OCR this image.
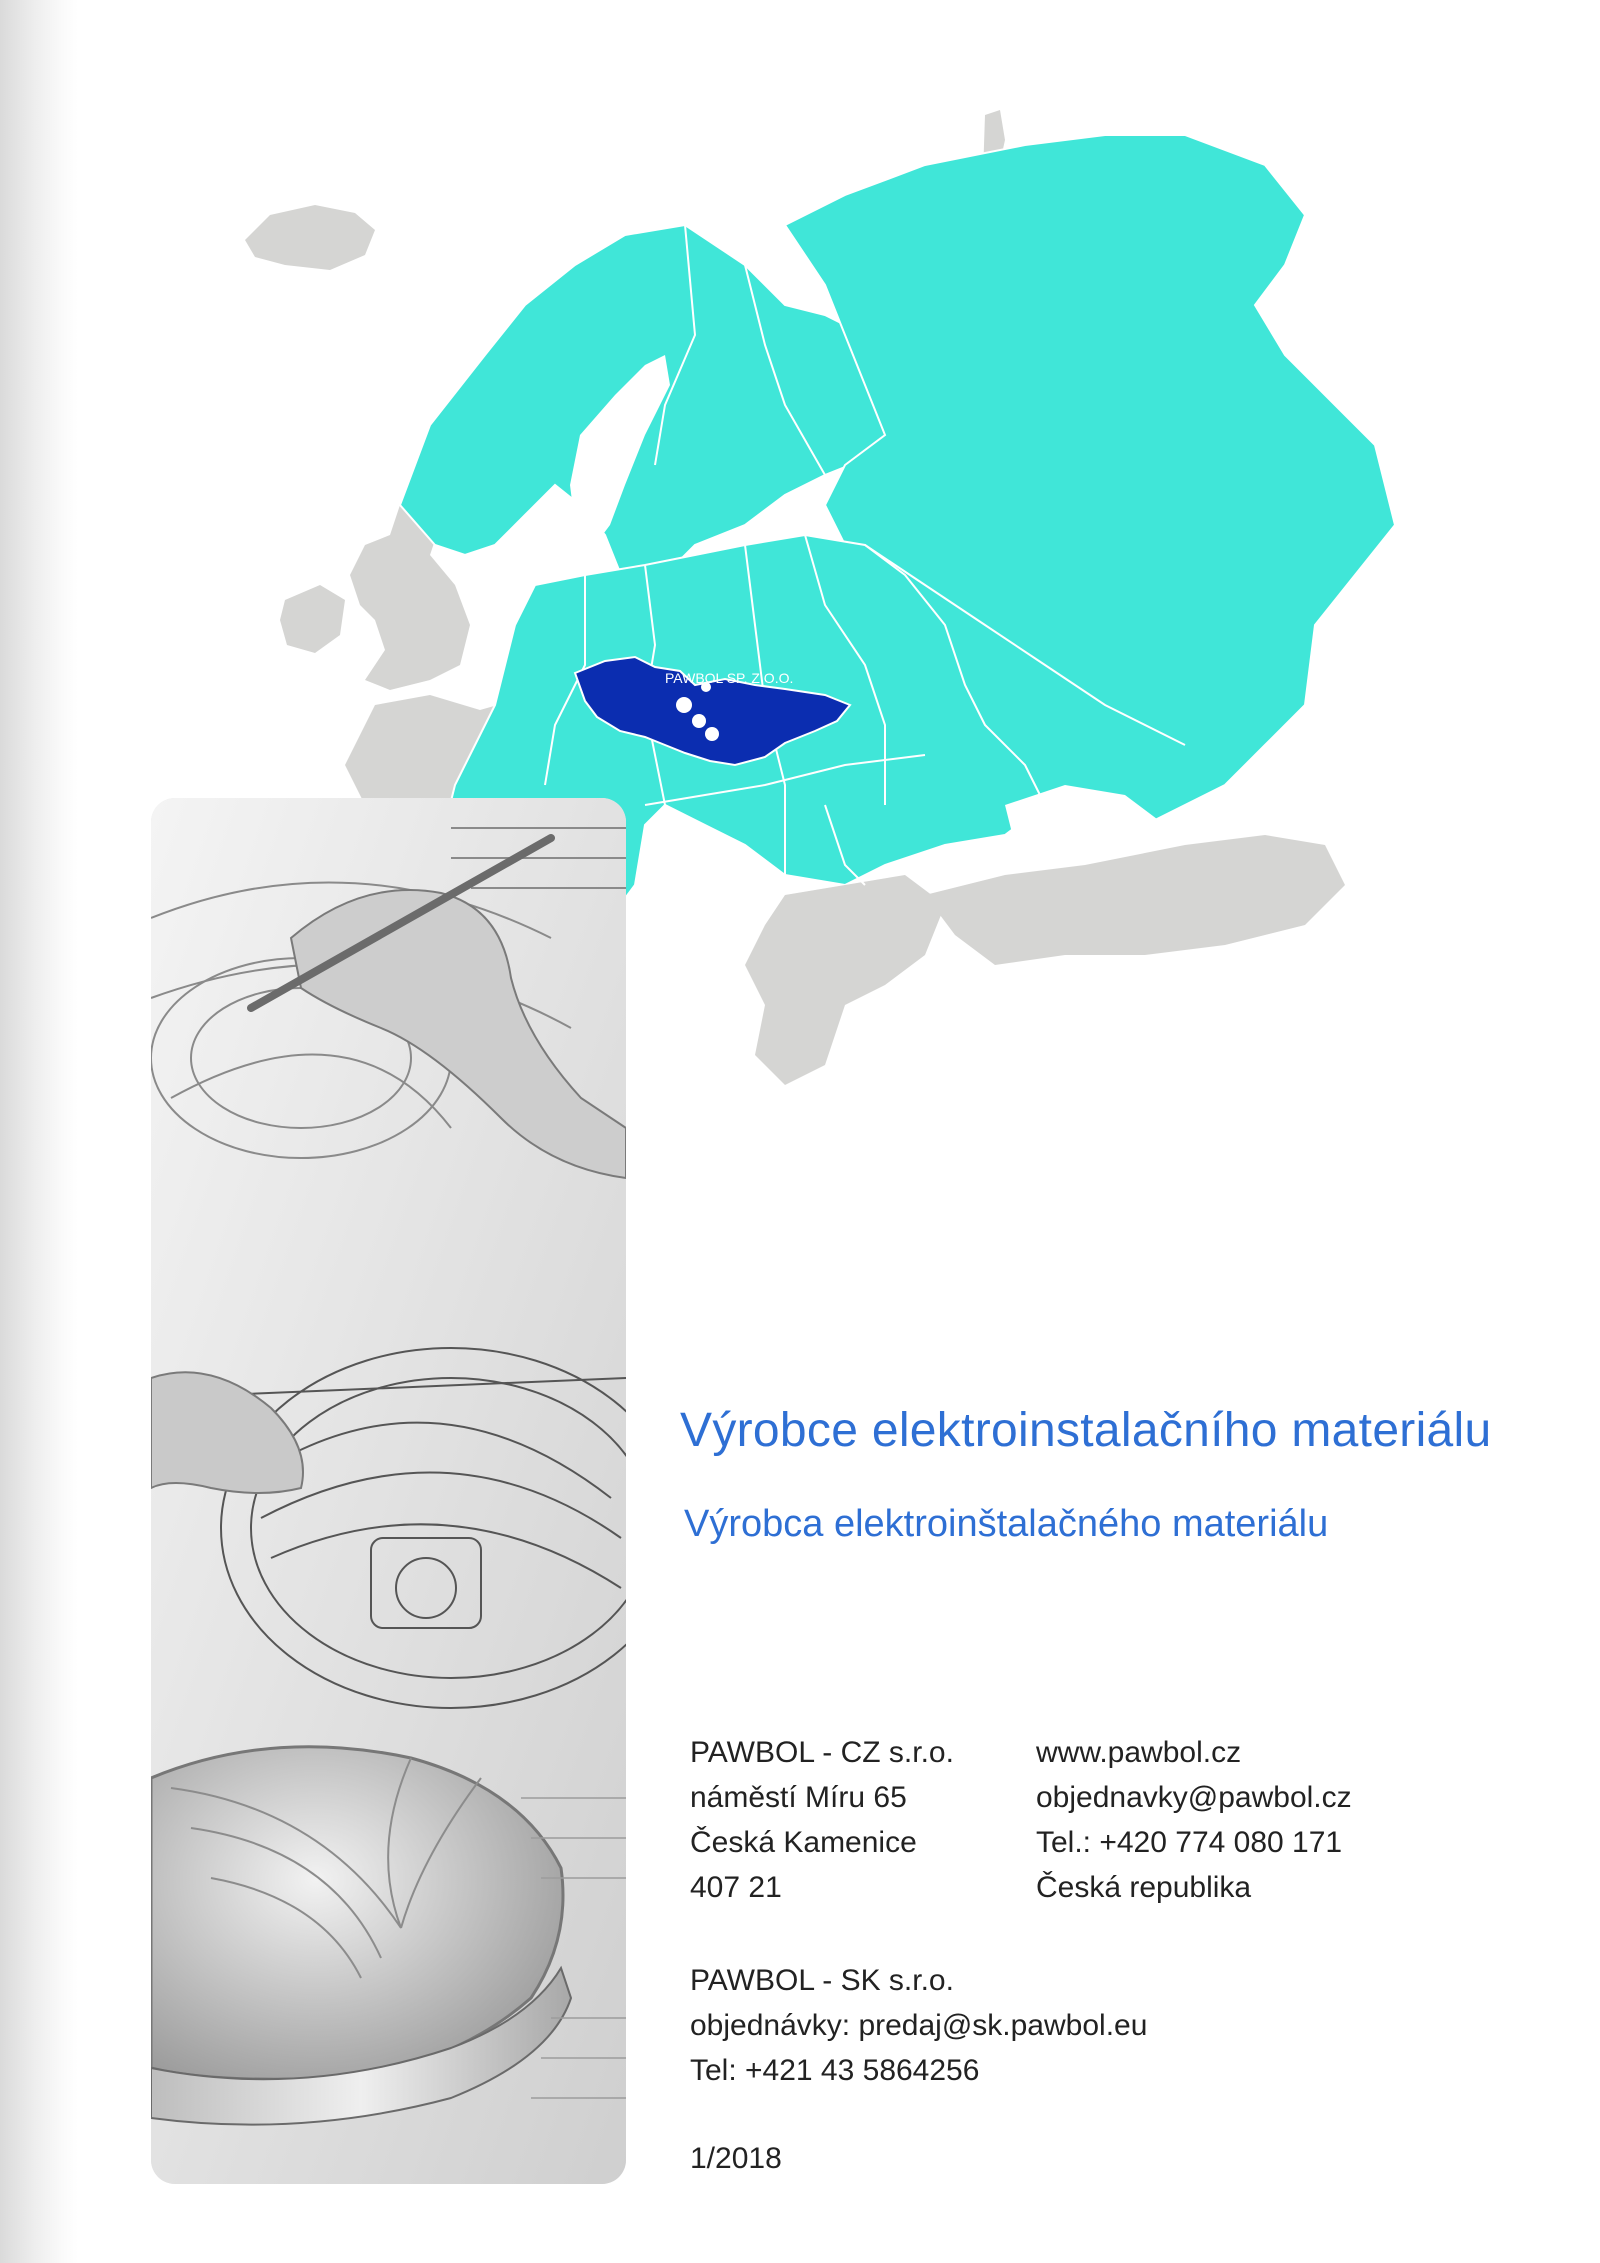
PAWBOL SP. Z O.O.
Výrobce elektroinstalačního materiálu
Výrobca elektroinštalačného materiálu
PAWBOL - CZ s.r.o.
náměstí Míru 65
Česká Kamenice
407 21
www.pawbol.cz
objednavky@pawbol.cz
Tel.: +420 774 080 171
Česká republika
PAWBOL - SK s.r.o.
objednávky: predaj@sk.pawbol.eu
Tel: +421 43 5864256
1/2018
